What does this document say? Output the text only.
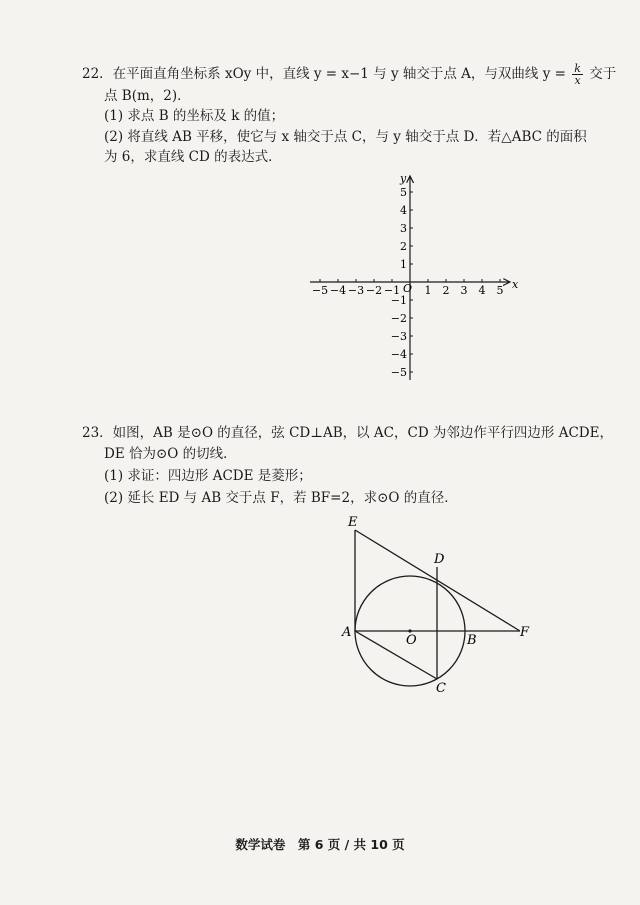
22．在平面直角坐标系 xOy 中，直线 y = x−1 与 y 轴交于点 A，与双曲线 $y = \frac{k}{x}$ 交于
点 B(m，2)．
(1) 求点 B 的坐标及 k 的值；
(2) 将直线 AB 平移，使它与 x 轴交于点 C，与 y 轴交于点 D．若△ABC 的面积
为 6，求直线 CD 的表达式．
x
y
O
−5 −4 −3 −2 −1 1 2 3 4 5
5
4
3
2
1
−1
−2
−3
−4
−5
23．如图，AB 是⊙O 的直径，弦 CD⊥AB，以 AC，CD 为邻边作平行四边形 ACDE，
DE 恰为⊙O 的切线．
(1) 求证：四边形 ACDE 是菱形；
(2) 延长 ED 与 AB 交于点 F，若 BF=2，求⊙O 的直径．
E
D
A
O	B
F
C
数学试卷　第 6 页 / 共 10 页
